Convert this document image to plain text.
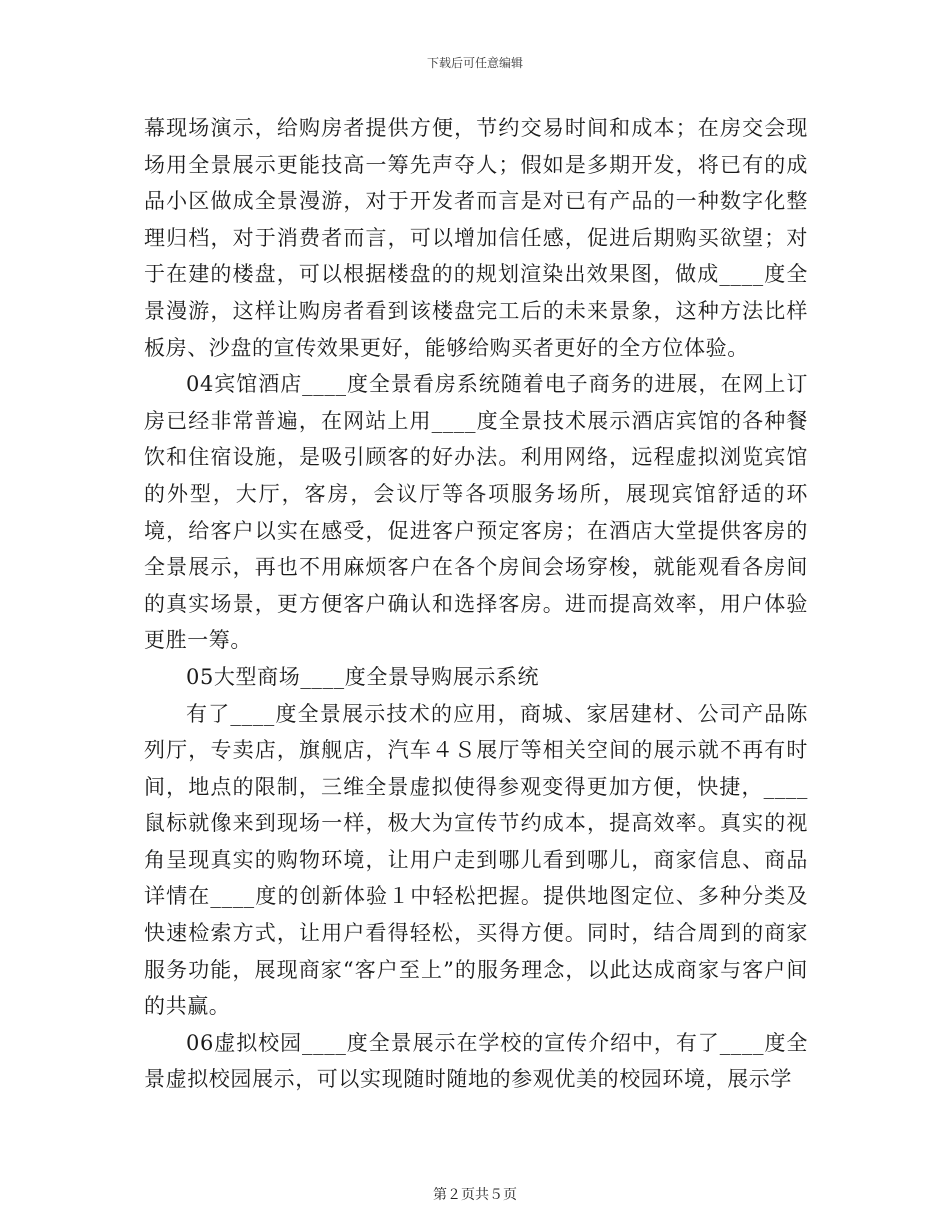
下载后可任意编辑

幕现场演示，给购房者提供方便，节约交易时间和成本；在房交会现场用全景展示更能技高一筹先声夺人；假如是多期开发，将已有的成品小区做成全景漫游，对于开发者而言是对已有产品的一种数字化整理归档，对于消费者而言，可以增加信任感，促进后期购买欲望；对于在建的楼盘，可以根据楼盘的的规划渲染出效果图，做成____度全景漫游，这样让购房者看到该楼盘完工后的未来景象，这种方法比样板房、沙盘的宣传效果更好，能够给购买者更好的全方位体验。

04宾馆酒店____度全景看房系统随着电子商务的进展，在网上订房已经非常普遍，在网站上用____度全景技术展示酒店宾馆的各种餐饮和住宿设施，是吸引顾客的好办法。利用网络，远程虚拟浏览宾馆的外型，大厅，客房，会议厅等各项服务场所，展现宾馆舒适的环境，给客户以实在感受，促进客户预定客房；在酒店大堂提供客房的全景展示，再也不用麻烦客户在各个房间会场穿梭，就能观看各房间的真实场景，更方便客户确认和选择客房。进而提高效率，用户体验更胜一筹。

05大型商场____度全景导购展示系统

有了____度全景展示技术的应用，商城、家居建材、公司产品陈列厅，专卖店，旗舰店，汽车４Ｓ展厅等相关空间的展示就不再有时间，地点的限制，三维全景虚拟使得参观变得更加方便，快捷，____鼠标就像来到现场一样，极大为宣传节约成本，提高效率。真实的视角呈现真实的购物环境，让用户走到哪儿看到哪儿，商家信息、商品详情在____度的创新体验１中轻松把握。提供地图定位、多种分类及快速检索方式，让用户看得轻松，买得方便。同时，结合周到的商家服务功能，展现商家“客户至上”的服务理念，以此达成商家与客户间的共赢。

06虚拟校园____度全景展示在学校的宣传介绍中，有了____度全景虚拟校园展示，可以实现随时随地的参观优美的校园环境，展示学

第２页共５页
